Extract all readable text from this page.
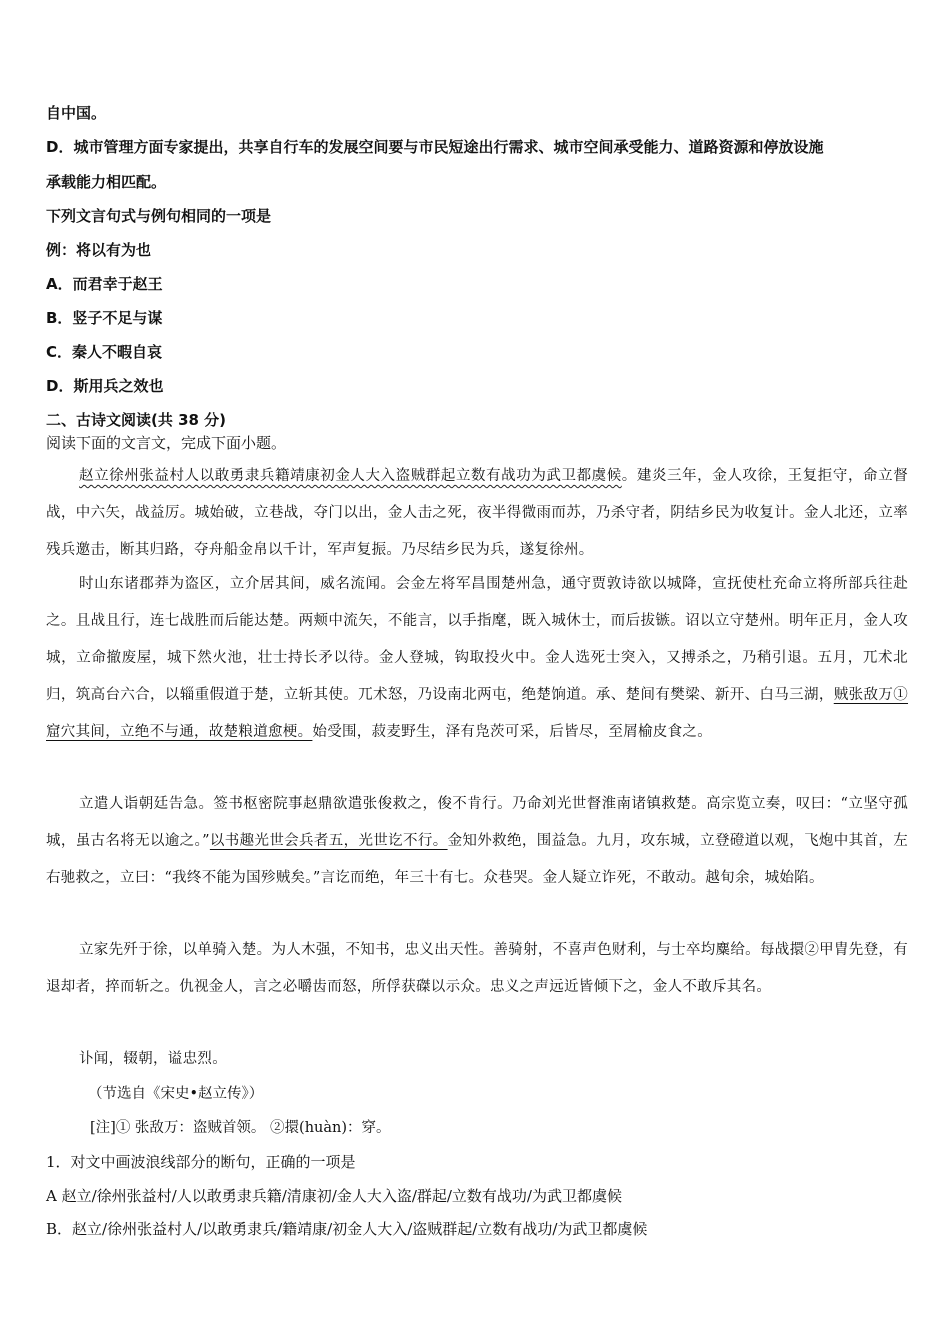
自中国。
D．城市管理方面专家提出，共享自行车的发展空间要与市民短途出行需求、城市空间承受能力、道路资源和停放设施
承载能力相匹配。
下列文言句式与例句相同的一项是
例：将以有为也
A．而君幸于赵王
B．竖子不足与谋
C．秦人不暇自哀
D．斯用兵之效也
二、古诗文阅读(共 38 分)
阅读下面的文言文，完成下面小题。
赵立徐州张益村人以敢勇隶兵籍靖康初金人大入盗贼群起立数有战功为武卫都虞候。建炎三年，金人攻徐，王复拒守，命立督战，中六矢，战益厉。城始破，立巷战，夺门以出，金人击之死，夜半得微雨而苏，乃杀守者，阴结乡民为收复计。金人北还，立率残兵邀击，断其归路，夺舟船金帛以千计，军声复振。乃尽结乡民为兵，遂复徐州。
时山东诸郡莽为盗区，立介居其间，威名流闻。会金左将军昌围楚州急，通守贾敦诗欲以城降，宣抚使杜充命立将所部兵往赴之。且战且行，连七战胜而后能达楚。两颊中流矢，不能言，以手指麾，既入城休士，而后拔镞。诏以立守楚州。明年正月，金人攻城，立命撤废屋，城下然火池，壮士持长矛以待。金人登城，钩取投火中。金人选死士突入，又搏杀之，乃稍引退。五月，兀术北归，筑高台六合，以辎重假道于楚，立斩其使。兀术怒，乃设南北两屯，绝楚饷道。承、楚间有樊梁、新开、白马三湖，贼张敌万①窟穴其间，立绝不与通，故楚粮道愈梗。始受围，菽麦野生，泽有凫茨可采，后皆尽，至屑榆皮食之。
立遣人诣朝廷告急。签书枢密院事赵鼎欲遣张俊救之，俊不肯行。乃命刘光世督淮南诸镇救楚。高宗览立奏，叹曰：“立坚守孤城，虽古名将无以逾之。”以书趣光世会兵者五，光世讫不行。金知外救绝，围益急。九月，攻东城，立登磴道以观，飞炮中其首，左右驰救之，立曰：“我终不能为国殄贼矣。”言讫而绝，年三十有七。众巷哭。金人疑立诈死，不敢动。越旬余，城始陷。
立家先歼于徐，以单骑入楚。为人木强，不知书，忠义出天性。善骑射，不喜声色财利，与士卒均麋给。每战擐②甲胄先登，有退却者，捽而斩之。仇视金人，言之必嚼齿而怒，所俘获磔以示众。忠义之声远近皆倾下之，金人不敢斥其名。
讣闻，辍朝，谥忠烈。
（节选自《宋史•赵立传》）
[注]① 张敌万：盗贼首领。 ②擐(huàn)：穿。
1．对文中画波浪线部分的断句，正确的一项是
A 赵立/徐州张益村/人以敢勇隶兵籍/清康初/金人大入盗/群起/立数有战功/为武卫都虞候
B．赵立/徐州张益村人/以敢勇隶兵/籍靖康/初金人大入/盗贼群起/立数有战功/为武卫都虞候
